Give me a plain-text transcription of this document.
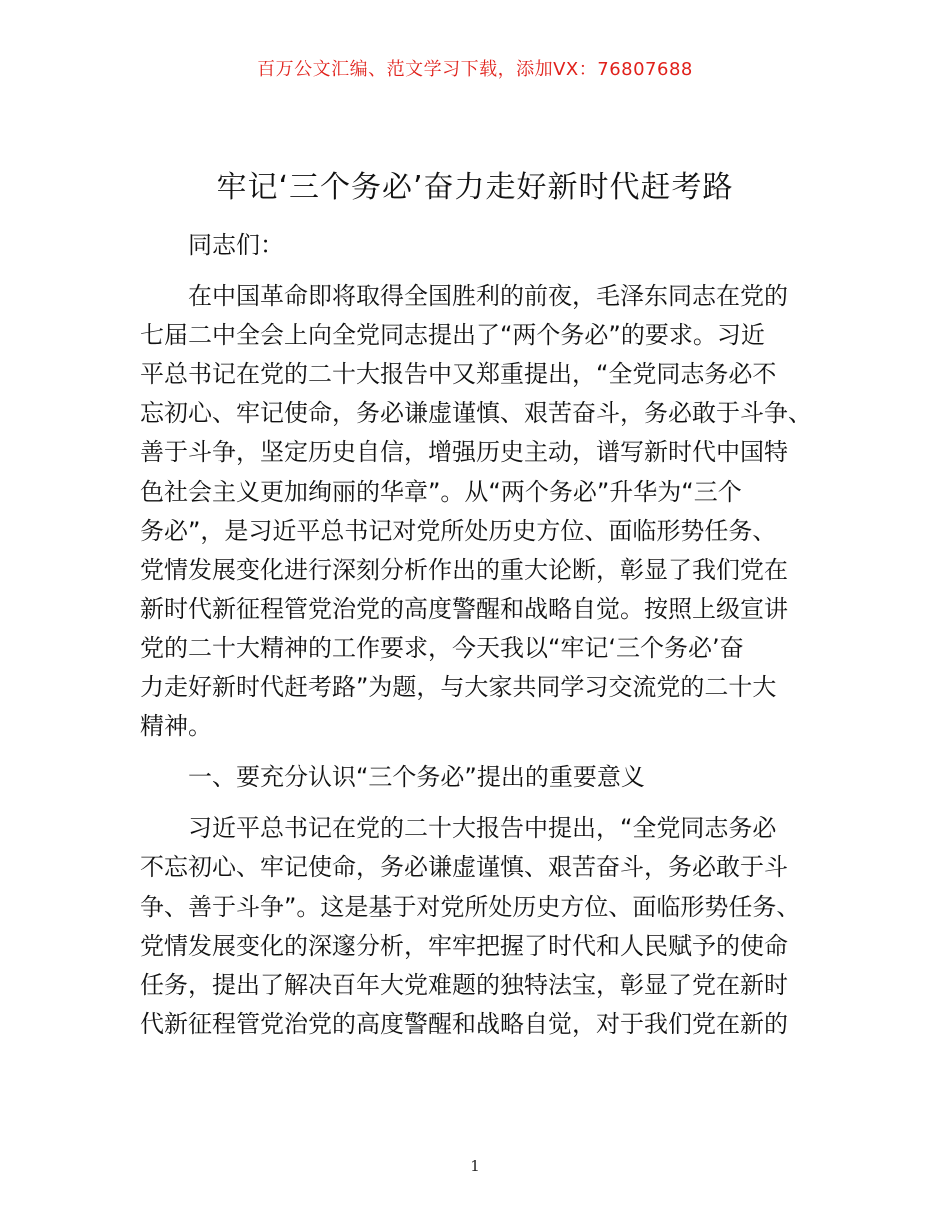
百万公文汇编、范文学习下载，添加VX：76807688
牢记‘三个务必’奋力走好新时代赶考路
同志们：
在中国革命即将取得全国胜利的前夜，毛泽东同志在党的
七届二中全会上向全党同志提出了“两个务必”的要求。习近
平总书记在党的二十大报告中又郑重提出，“全党同志务必不
忘初心、牢记使命，务必谦虚谨慎、艰苦奋斗，务必敢于斗争、
善于斗争，坚定历史自信，增强历史主动，谱写新时代中国特
色社会主义更加绚丽的华章”。从“两个务必”升华为“三个
务必”，是习近平总书记对党所处历史方位、面临形势任务、
党情发展变化进行深刻分析作出的重大论断，彰显了我们党在
新时代新征程管党治党的高度警醒和战略自觉。按照上级宣讲
党的二十大精神的工作要求，今天我以“牢记‘三个务必’奋
力走好新时代赶考路”为题，与大家共同学习交流党的二十大
精神。
一、要充分认识“三个务必”提出的重要意义
习近平总书记在党的二十大报告中提出，“全党同志务必
不忘初心、牢记使命，务必谦虚谨慎、艰苦奋斗，务必敢于斗
争、善于斗争”。这是基于对党所处历史方位、面临形势任务、
党情发展变化的深邃分析，牢牢把握了时代和人民赋予的使命
任务，提出了解决百年大党难题的独特法宝，彰显了党在新时
代新征程管党治党的高度警醒和战略自觉，对于我们党在新的
1
